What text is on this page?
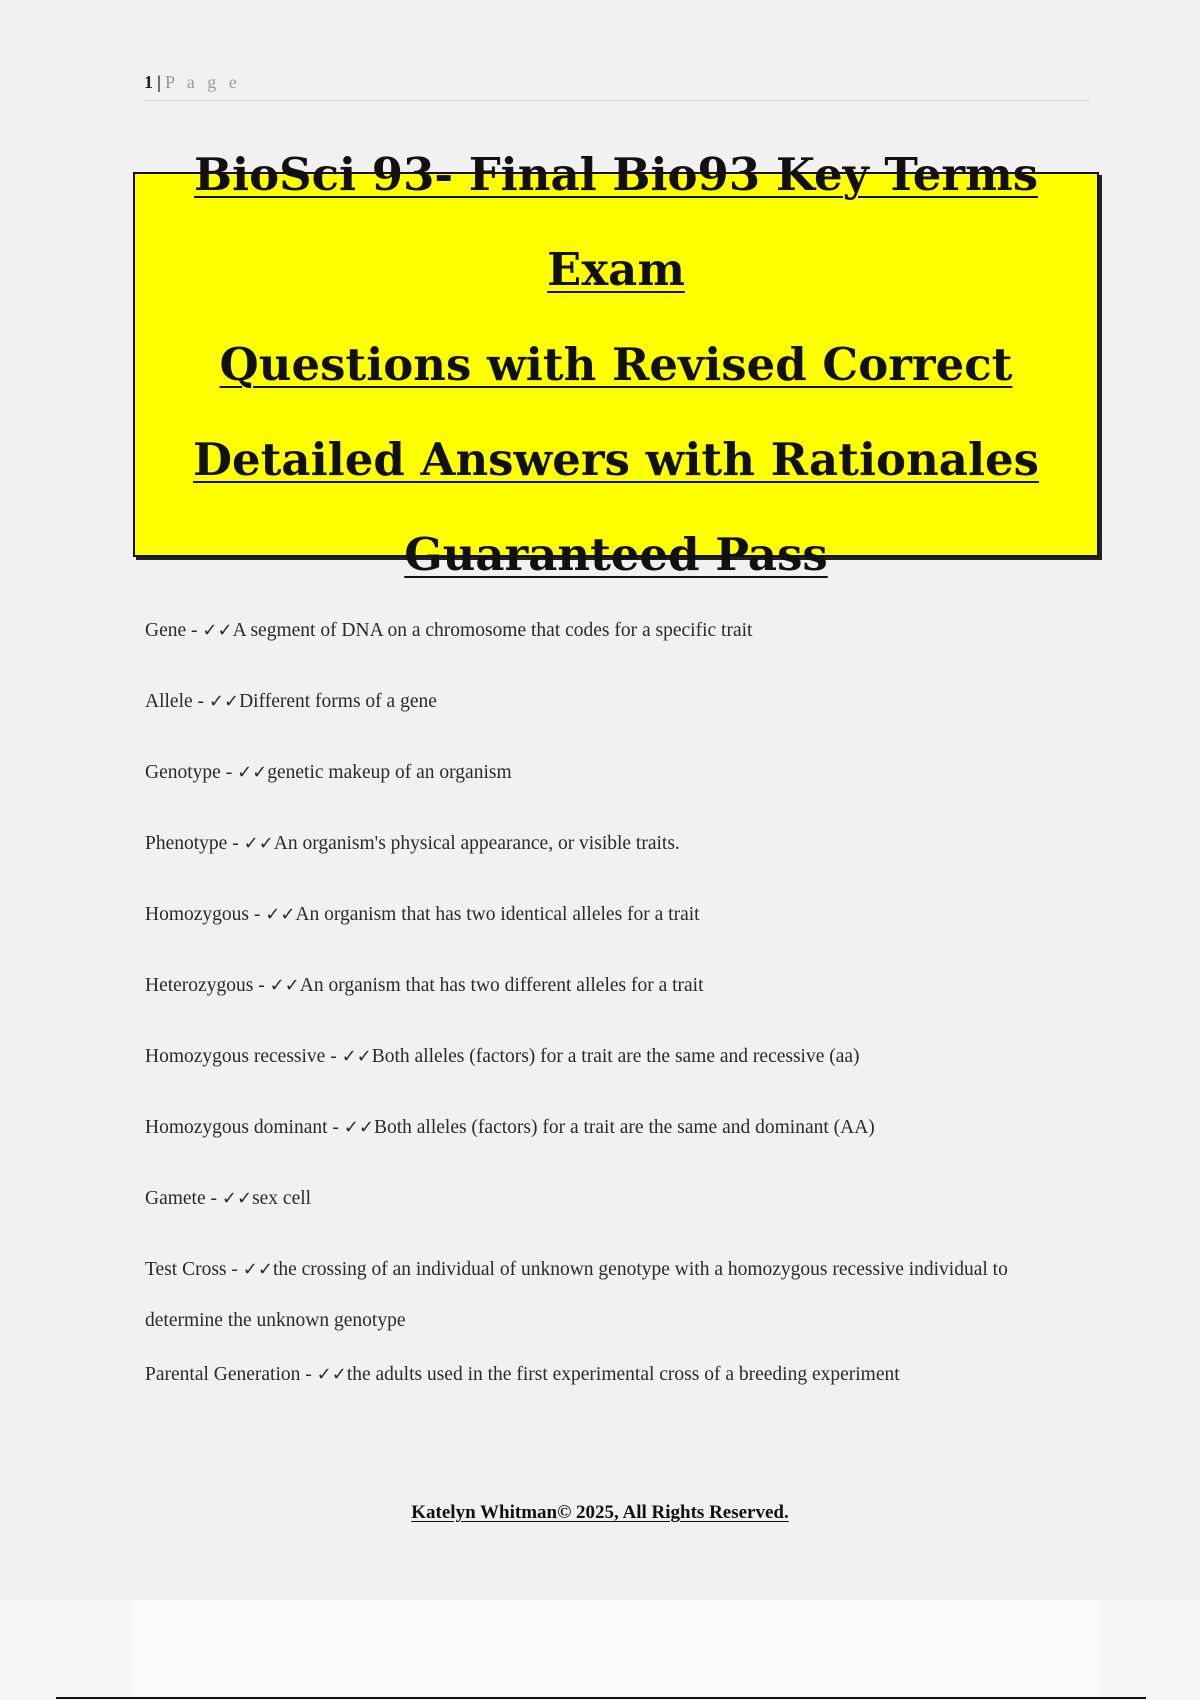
1 | P a g e
BioSci 93- Final Bio93 Key Terms Exam
Questions with Revised Correct
Detailed Answers with Rationales
Guaranteed Pass

Gene - ✓✓A segment of DNA on a chromosome that codes for a specific trait

Allele - ✓✓Different forms of a gene

Genotype - ✓✓genetic makeup of an organism

Phenotype - ✓✓An organism's physical appearance, or visible traits.

Homozygous - ✓✓An organism that has two identical alleles for a trait

Heterozygous - ✓✓An organism that has two different alleles for a trait

Homozygous recessive - ✓✓Both alleles (factors) for a trait are the same and recessive (aa)

Homozygous dominant - ✓✓Both alleles (factors) for a trait are the same and dominant (AA)

Gamete - ✓✓sex cell

Test Cross - ✓✓the crossing of an individual of unknown genotype with a homozygous recessive individual to determine the unknown genotype

Parental Generation - ✓✓the adults used in the first experimental cross of a breeding experiment

Katelyn Whitman© 2025, All Rights Reserved.
